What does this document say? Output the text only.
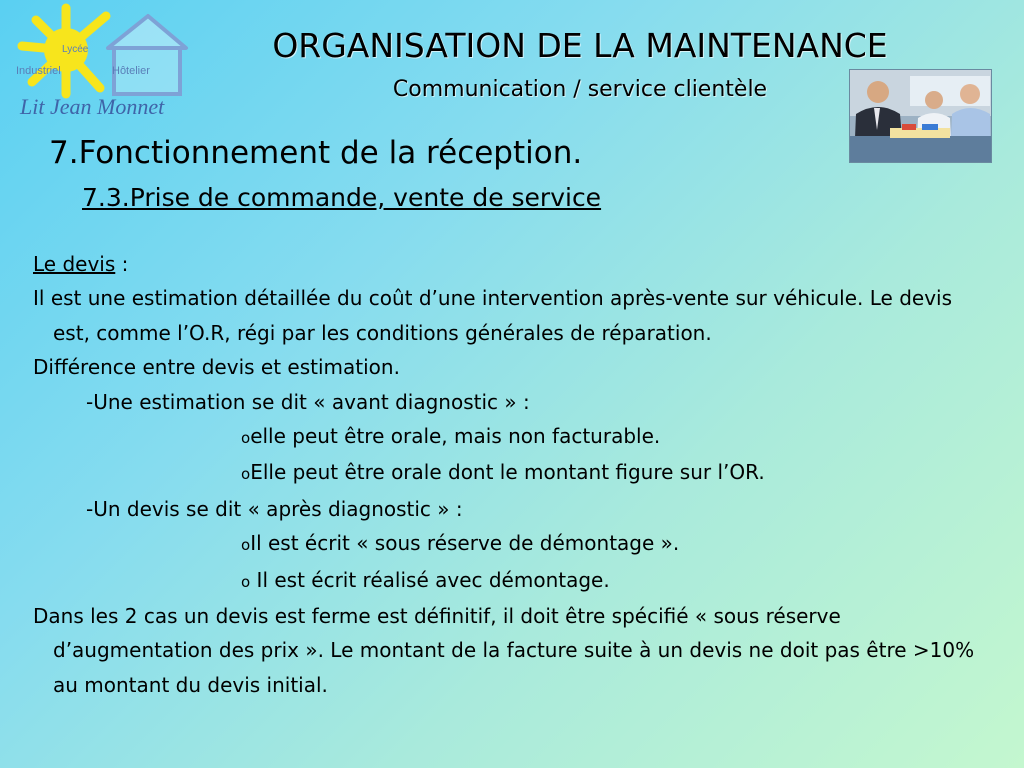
Lycée
Industriel	Hôtelier
Lit Jean Monnet
ORGANISATION DE LA MAINTENANCE
Communication / service clientèle
7.Fonctionnement de la réception.
7.3.Prise de commande, vente de service
Le devis :
Il est une estimation détaillée du coût d’une intervention après-vente sur véhicule. Le devis est, comme l’O.R, régi par les conditions générales de réparation.
Différence entre devis et estimation.
-Une estimation se dit « avant diagnostic » :
oelle peut être orale, mais non facturable.
oElle peut être orale dont le montant figure sur l’OR.
-Un devis se dit « après diagnostic » :
oIl est écrit « sous réserve de démontage ».
o Il est écrit réalisé avec démontage.
Dans les 2 cas un devis est ferme est définitif, il doit être spécifié « sous réserve d’augmentation des prix ». Le montant de la facture suite à un devis ne doit pas être >10% au montant du devis initial.
